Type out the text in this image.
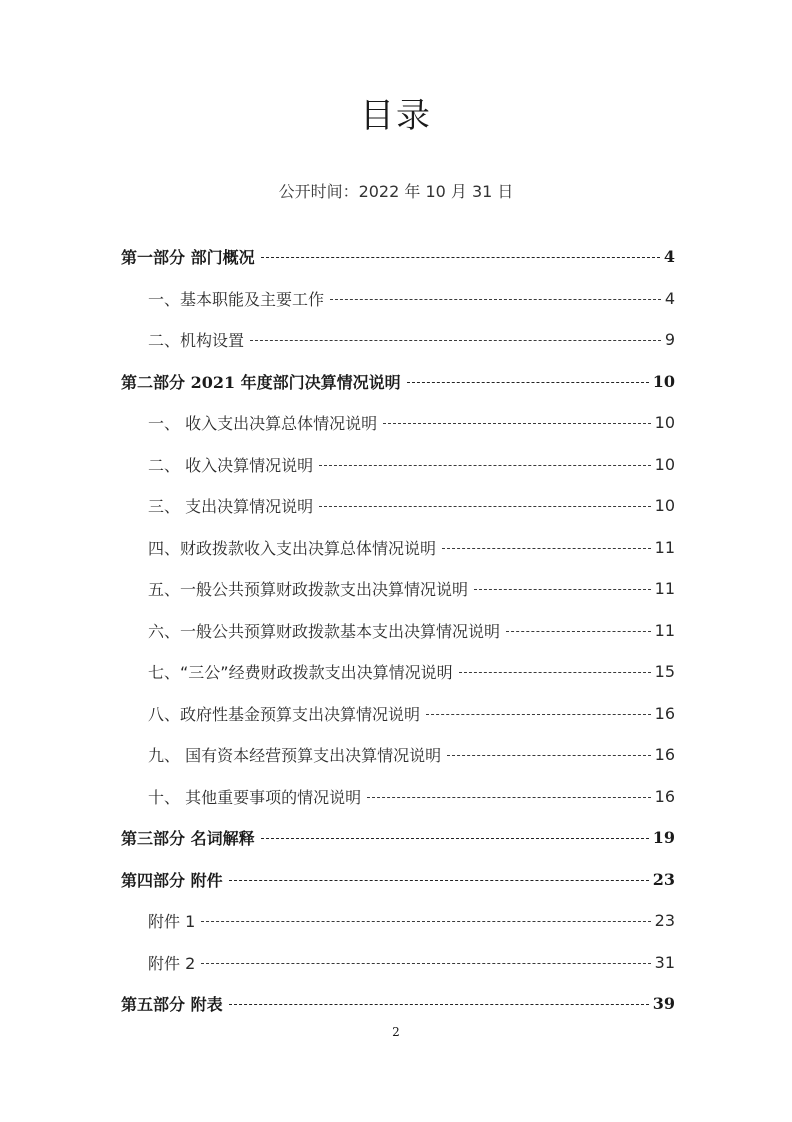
目录
公开时间：2022 年 10 月 31 日
第一部分 部门概况	4
一、基本职能及主要工作	4
二、机构设置	9
第二部分 2021 年度部门决算情况说明	10
一、 收入支出决算总体情况说明	10
二、 收入决算情况说明	10
三、 支出决算情况说明	10
四、财政拨款收入支出决算总体情况说明	11
五、一般公共预算财政拨款支出决算情况说明	11
六、一般公共预算财政拨款基本支出决算情况说明	11
七、“三公”经费财政拨款支出决算情况说明	15
八、政府性基金预算支出决算情况说明	16
九、 国有资本经营预算支出决算情况说明	16
十、 其他重要事项的情况说明	16
第三部分 名词解释	19
第四部分 附件	23
附件 1	23
附件 2	31
第五部分 附表	39
2
